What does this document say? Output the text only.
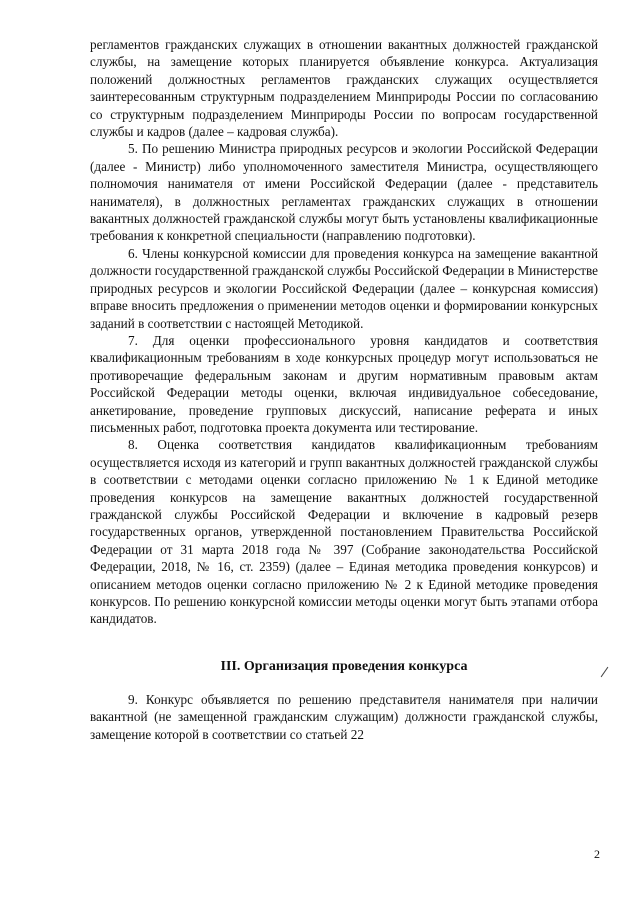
регламентов гражданских служащих в отношении вакантных должностей гражданской службы, на замещение которых планируется объявление конкурса. Актуализация положений должностных регламентов гражданских служащих осуществляется заинтересованным структурным подразделением Минприроды России по согласованию со структурным подразделением Минприроды России по вопросам государственной службы и кадров (далее – кадровая служба).

5. По решению Министра природных ресурсов и экологии Российской Федерации (далее - Министр) либо уполномоченного заместителя Министра, осуществляющего полномочия нанимателя от имени Российской Федерации (далее - представитель нанимателя), в должностных регламентах гражданских служащих в отношении вакантных должностей гражданской службы могут быть установлены квалификационные требования к конкретной специальности (направлению подготовки).

6. Члены конкурсной комиссии для проведения конкурса на замещение вакантной должности государственной гражданской службы Российской Федерации в Министерстве природных ресурсов и экологии Российской Федерации (далее – конкурсная комиссия) вправе вносить предложения о применении методов оценки и формировании конкурсных заданий в соответствии с настоящей Методикой.

7. Для оценки профессионального уровня кандидатов и соответствия квалификационным требованиям в ходе конкурсных процедур могут использоваться не противоречащие федеральным законам и другим нормативным правовым актам Российской Федерации методы оценки, включая индивидуальное собеседование, анкетирование, проведение групповых дискуссий, написание реферата и иных письменных работ, подготовка проекта документа или тестирование.

8. Оценка соответствия кандидатов квалификационным требованиям осуществляется исходя из категорий и групп вакантных должностей гражданской службы в соответствии с методами оценки согласно приложению № 1 к Единой методике проведения конкурсов на замещение вакантных должностей государственной гражданской службы Российской Федерации и включение в кадровый резерв государственных органов, утвержденной постановлением Правительства Российской Федерации от 31 марта 2018 года № 397 (Собрание законодательства Российской Федерации, 2018, № 16, ст. 2359) (далее – Единая методика проведения конкурсов) и описанием методов оценки согласно приложению № 2 к Единой методике проведения конкурсов. По решению конкурсной комиссии методы оценки могут быть этапами отбора кандидатов.

III. Организация проведения конкурса

9. Конкурс объявляется по решению представителя нанимателя при наличии вакантной (не замещенной гражданским служащим) должности гражданской службы, замещение которой в соответствии со статьей 22

2
